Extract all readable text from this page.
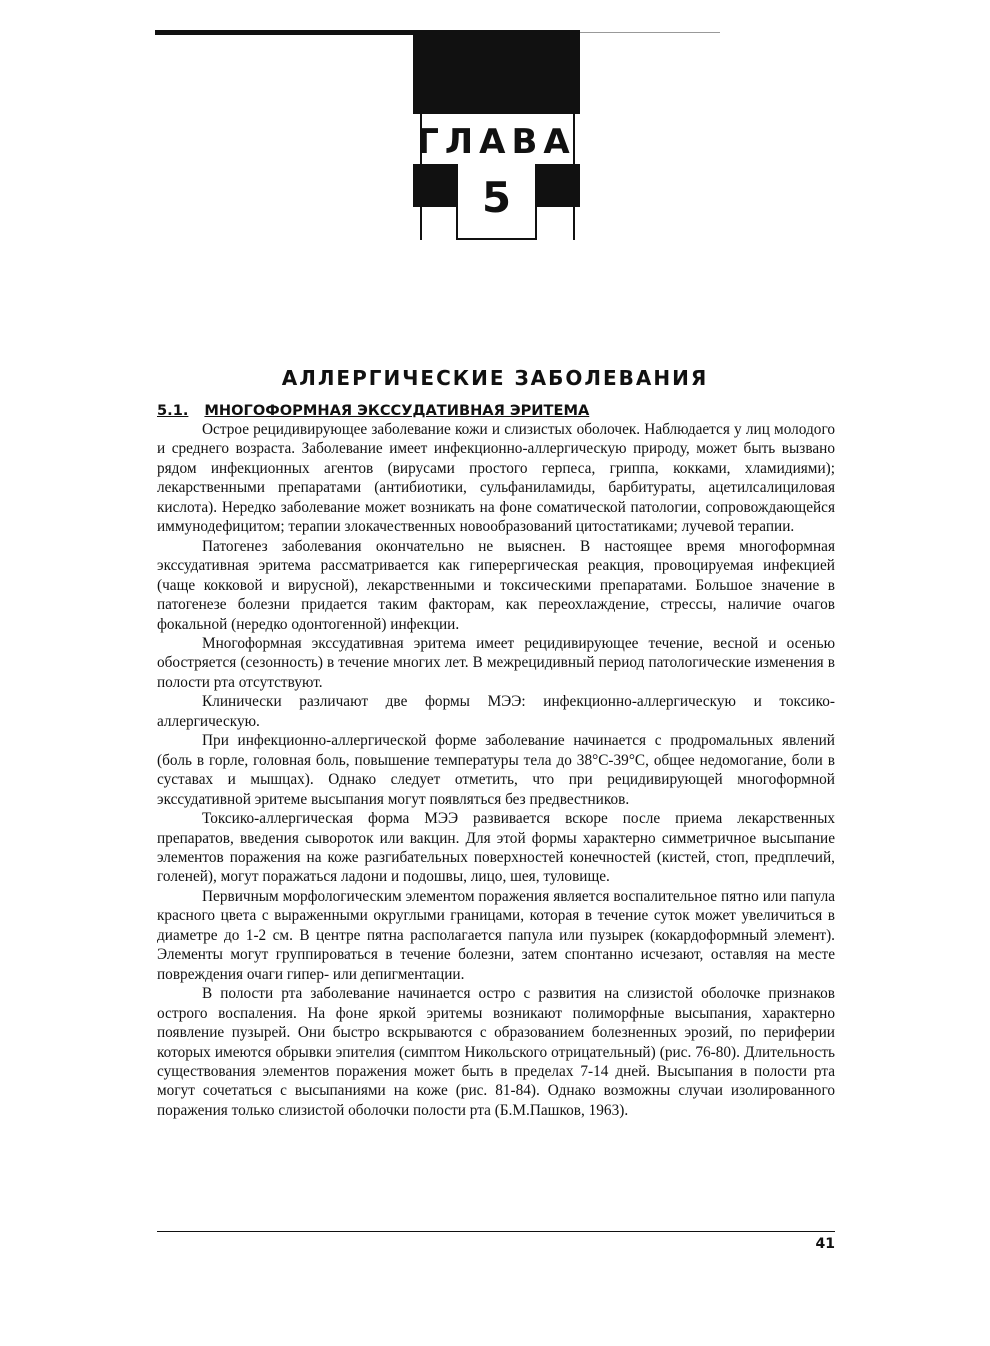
ГЛАВА
5
АЛЛЕРГИЧЕСКИЕ ЗАБОЛЕВАНИЯ
5.1. МНОГОФОРМНАЯ ЭКССУДАТИВНАЯ ЭРИТЕМА

Острое рецидивирующее заболевание кожи и слизистых оболочек. Наблюдается у лиц молодого и среднего возраста. Заболевание имеет инфекционно-аллергическую природу, может быть вызвано рядом инфекционных агентов (вирусами простого герпеса, гриппа, кокками, хламидиями); лекарственными препаратами (антибиотики, сульфаниламиды, барбитураты, ацетилсалициловая кислота). Нередко заболевание может возникать на фоне соматической патологии, сопровождающейся иммунодефицитом; терапии злокачественных новообразований цитостатиками; лучевой терапии.

Патогенез заболевания окончательно не выяснен. В настоящее время многоформная экссудативная эритема рассматривается как гиперергическая реакция, провоцируемая инфекцией (чаще кокковой и вирусной), лекарственными и токсическими препаратами. Большое значение в патогенезе болезни придается таким факторам, как переохлаждение, стрессы, наличие очагов фокальной (нередко одонтогенной) инфекции.

Многоформная экссудативная эритема имеет рецидивирующее течение, весной и осенью обостряется (сезонность) в течение многих лет. В межрецидивный период патологические изменения в полости рта отсутствуют.

Клинически различают две формы МЭЭ: инфекционно-аллергическую и токсико-аллергическую.

При инфекционно-аллергической форме заболевание начинается с продромальных явлений (боль в горле, головная боль, повышение температуры тела до 38°С-39°С, общее недомогание, боли в суставах и мышцах). Однако следует отметить, что при рецидивирующей многоформной экссудативной эритеме высыпания могут появляться без предвестников.

Токсико-аллергическая форма МЭЭ развивается вскоре после приема лекарственных препаратов, введения сывороток или вакцин. Для этой формы характерно симметричное высыпание элементов поражения на коже разгибательных поверхностей конечностей (кистей, стоп, предплечий, голеней), могут поражаться ладони и подошвы, лицо, шея, туловище.

Первичным морфологическим элементом поражения является воспалительное пятно или папула красного цвета с выраженными округлыми границами, которая в течение суток может увеличиться в диаметре до 1-2 см. В центре пятна располагается папула или пузырек (кокардоформный элемент). Элементы могут группироваться в течение болезни, затем спонтанно исчезают, оставляя на месте повреждения очаги гипер- или депигментации.

В полости рта заболевание начинается остро с развития на слизистой оболочке признаков острого воспаления. На фоне яркой эритемы возникают полиморфные высыпания, характерно появление пузырей. Они быстро вскрываются с образованием болезненных эрозий, по периферии которых имеются обрывки эпителия (симптом Никольского отрицательный) (рис. 76-80). Длительность существования элементов поражения может быть в пределах 7-14 дней. Высыпания в полости рта могут сочетаться с высыпаниями на коже (рис. 81-84). Однако возможны случаи изолированного поражения только слизистой оболочки полости рта (Б.М.Пашков, 1963).

41
